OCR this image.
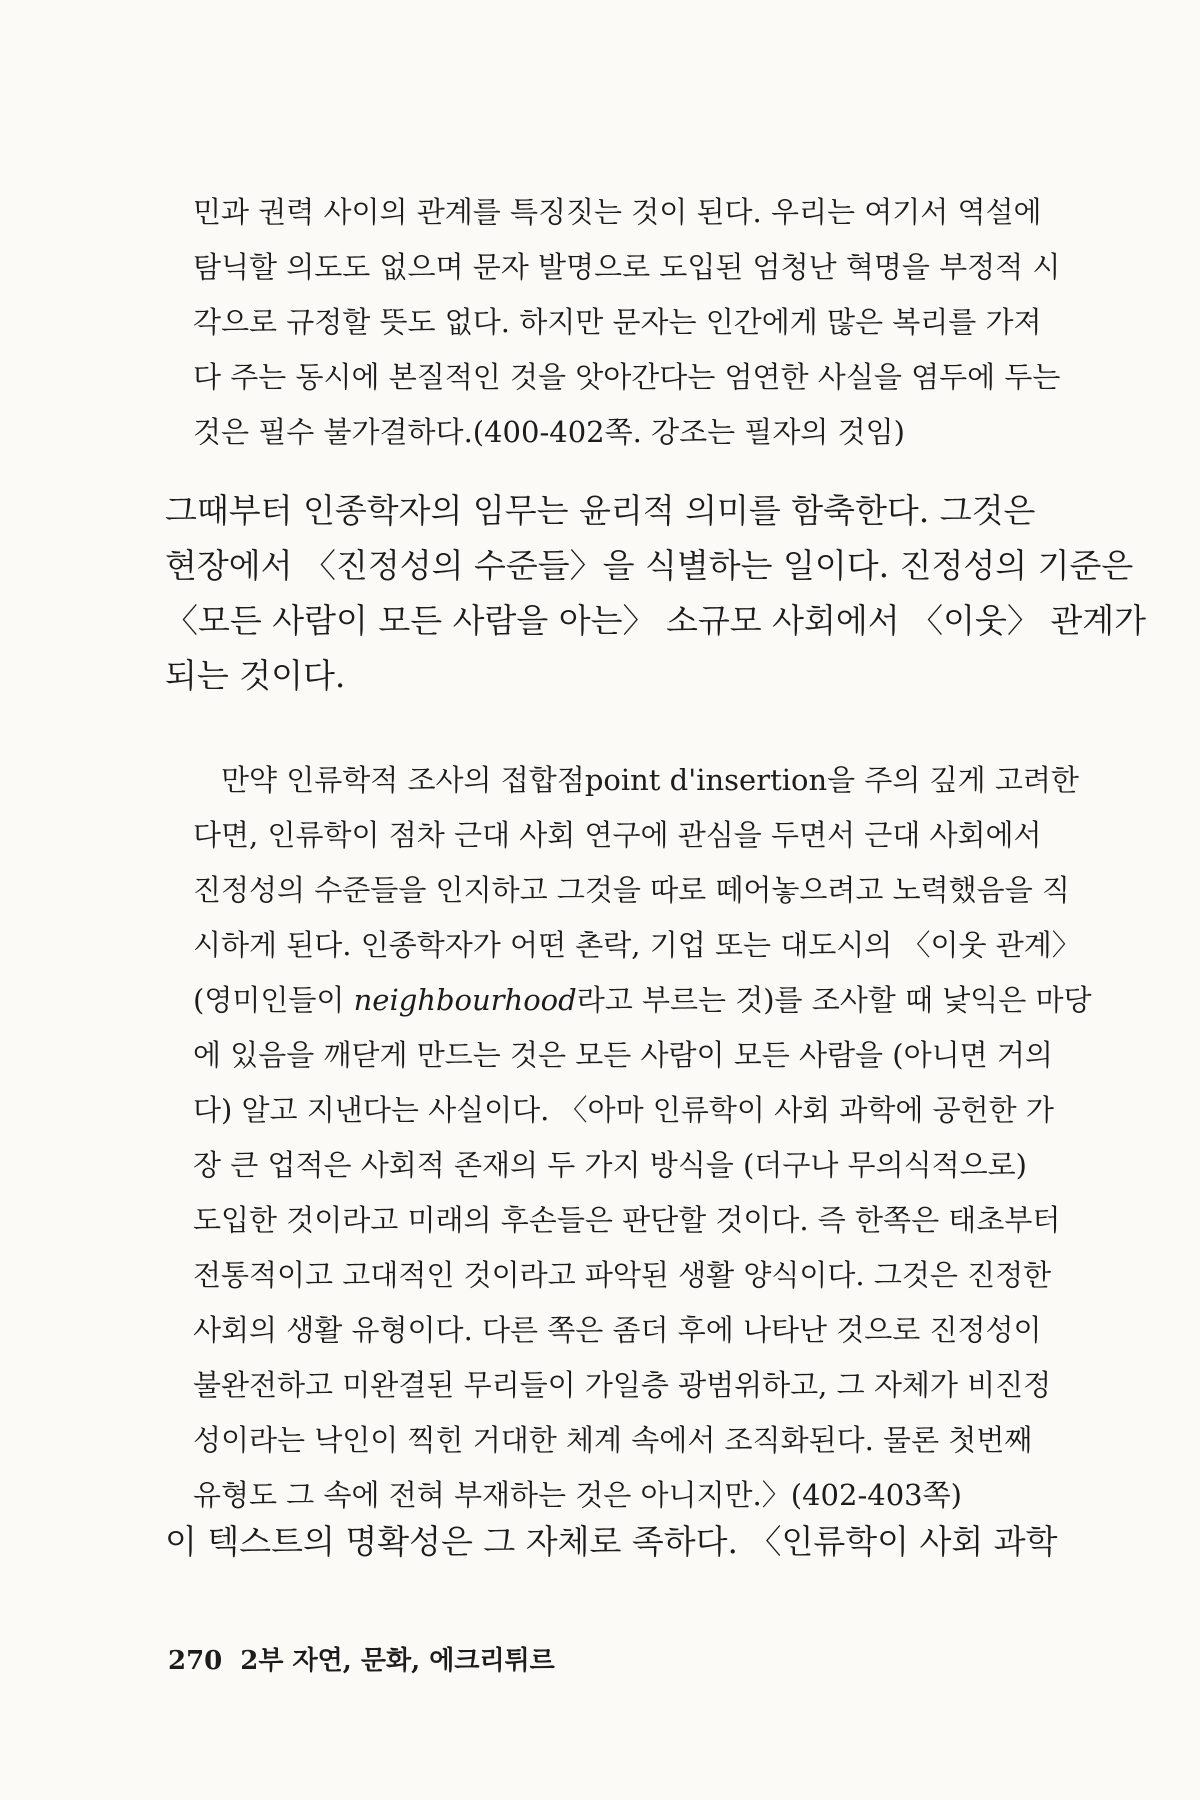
민과 권력 사이의 관계를 특징짓는 것이 된다. 우리는 여기서 역설에
탐닉할 의도도 없으며 문자 발명으로 도입된 엄청난 혁명을 부정적 시
각으로 규정할 뜻도 없다. 하지만 문자는 인간에게 많은 복리를 가져
다 주는 동시에 본질적인 것을 앗아간다는 엄연한 사실을 염두에 두는
것은 필수 불가결하다.(400-402쪽. 강조는 필자의 것임)
그때부터 인종학자의 임무는 윤리적 의미를 함축한다. 그것은
현장에서 〈진정성의 수준들〉을 식별하는 일이다. 진정성의 기준은
〈모든 사람이 모든 사람을 아는〉 소규모 사회에서 〈이웃〉 관계가
되는 것이다.
만약 인류학적 조사의 접합점point d'insertion을 주의 깊게 고려한
다면, 인류학이 점차 근대 사회 연구에 관심을 두면서 근대 사회에서
진정성의 수준들을 인지하고 그것을 따로 떼어놓으려고 노력했음을 직
시하게 된다. 인종학자가 어떤 촌락, 기업 또는 대도시의 〈이웃 관계〉
(영미인들이 neighbourhood라고 부르는 것)를 조사할 때 낯익은 마당
에 있음을 깨닫게 만드는 것은 모든 사람이 모든 사람을 (아니면 거의
다) 알고 지낸다는 사실이다. 〈아마 인류학이 사회 과학에 공헌한 가
장 큰 업적은 사회적 존재의 두 가지 방식을 (더구나 무의식적으로)
도입한 것이라고 미래의 후손들은 판단할 것이다. 즉 한쪽은 태초부터
전통적이고 고대적인 것이라고 파악된 생활 양식이다. 그것은 진정한
사회의 생활 유형이다. 다른 쪽은 좀더 후에 나타난 것으로 진정성이
불완전하고 미완결된 무리들이 가일층 광범위하고, 그 자체가 비진정
성이라는 낙인이 찍힌 거대한 체계 속에서 조직화된다. 물론 첫번째
유형도 그 속에 전혀 부재하는 것은 아니지만.〉(402-403쪽)
이 텍스트의 명확성은 그 자체로 족하다. 〈인류학이 사회 과학
270 2부 자연, 문화, 에크리튀르
